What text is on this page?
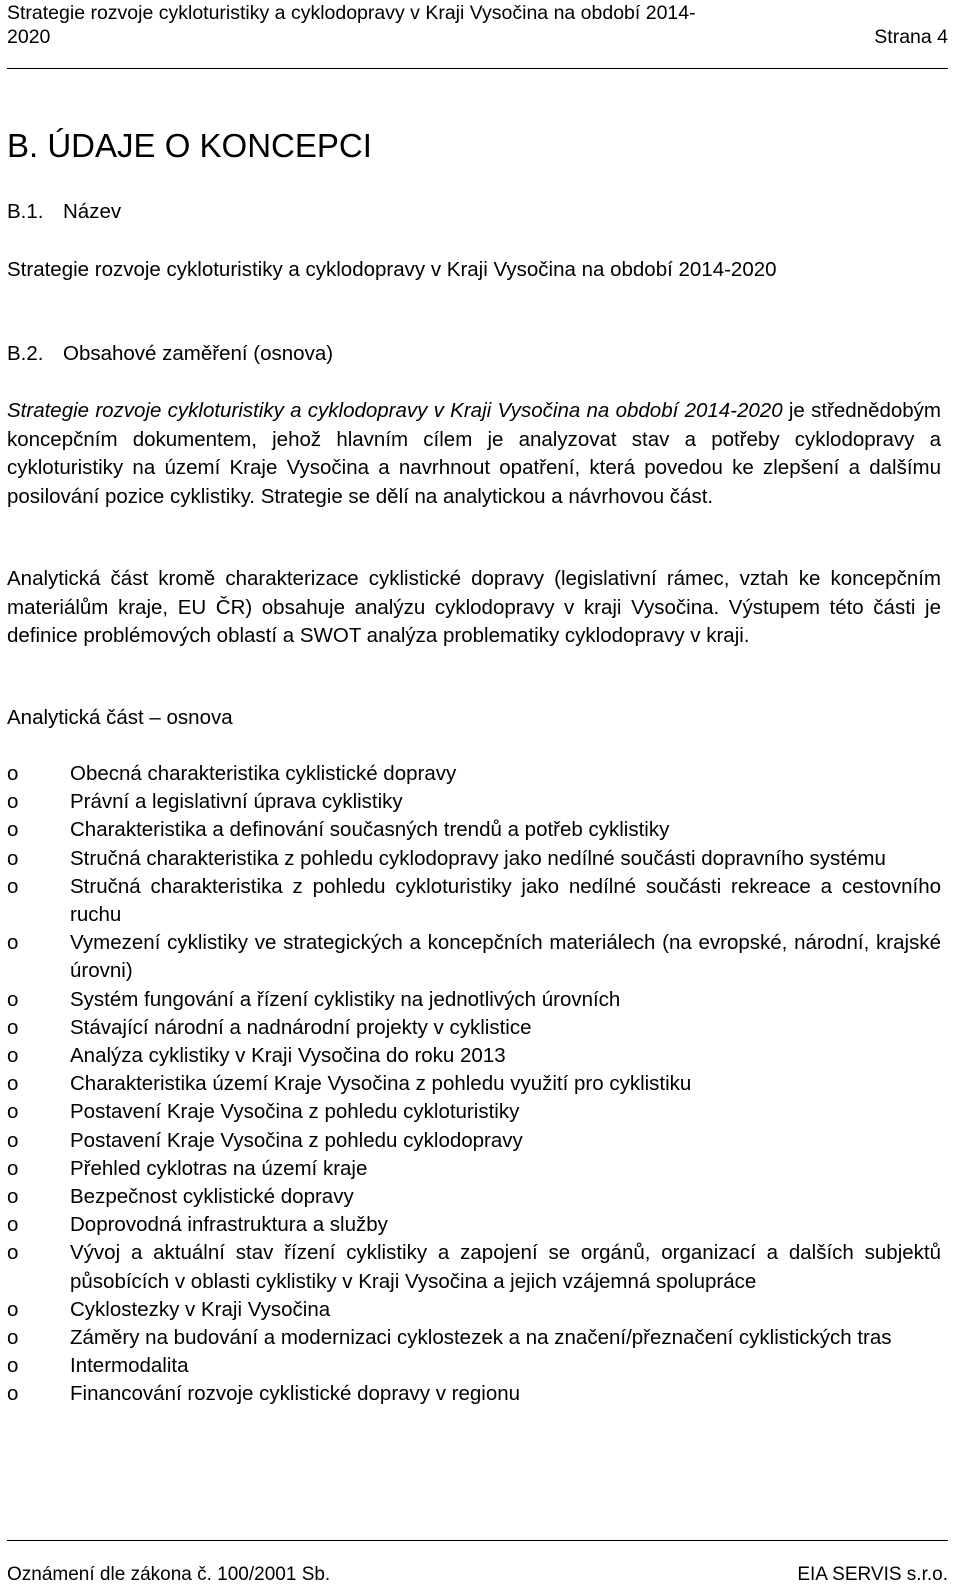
Strategie rozvoje cykloturistiky a cyklodopravy v Kraji Vysočina na období 2014-2020	Strana 4
B. ÚDAJE O KONCEPCI
B.1. Název

Strategie rozvoje cykloturistiky a cyklodopravy v Kraji Vysočina na období 2014-2020

B.2. Obsahové zaměření (osnova)

Strategie rozvoje cykloturistiky a cyklodopravy v Kraji Vysočina na období 2014-2020 je střednědobým koncepčním dokumentem, jehož hlavním cílem je analyzovat stav a potřeby cyklodopravy a cykloturistiky na území Kraje Vysočina a navrhnout opatření, která povedou ke zlepšení a dalšímu posilování pozice cyklistiky. Strategie se dělí na analytickou a návrhovou část.

Analytická část kromě charakterizace cyklistické dopravy (legislativní rámec, vztah ke koncepčním materiálům kraje, EU ČR) obsahuje analýzu cyklodopravy v kraji Vysočina. Výstupem této části je definice problémových oblastí a SWOT analýza problematiky cyklodopravy v kraji.

Analytická část – osnova

o	Obecná charakteristika cyklistické dopravy
o	Právní a legislativní úprava cyklistiky
o	Charakteristika a definování současných trendů a potřeb cyklistiky
o	Stručná charakteristika z pohledu cyklodopravy jako nedílné součásti dopravního systému
o	Stručná charakteristika z pohledu cykloturistiky jako nedílné součásti rekreace a cestovního ruchu
o	Vymezení cyklistiky ve strategických a koncepčních materiálech (na evropské, národní, krajské úrovni)
o	Systém fungování a řízení cyklistiky na jednotlivých úrovních
o	Stávající národní a nadnárodní projekty v cyklistice
o	Analýza cyklistiky v Kraji Vysočina do roku 2013
o	Charakteristika území Kraje Vysočina z pohledu využití pro cyklistiku
o	Postavení Kraje Vysočina z pohledu cykloturistiky
o	Postavení Kraje Vysočina z pohledu cyklodopravy
o	Přehled cyklotras na území kraje
o	Bezpečnost cyklistické dopravy
o	Doprovodná infrastruktura a služby
o	Vývoj a aktuální stav řízení cyklistiky a zapojení se orgánů, organizací a dalších subjektů působících v oblasti cyklistiky v Kraji Vysočina a jejich vzájemná spolupráce
o	Cyklostezky v Kraji Vysočina
o	Záměry na budování a modernizaci cyklostezek a na značení/přeznačení cyklistických tras
o	Intermodalita
o	Financování rozvoje cyklistické dopravy v regionu
Oznámení dle zákona č. 100/2001 Sb.	EIA SERVIS s.r.o.
